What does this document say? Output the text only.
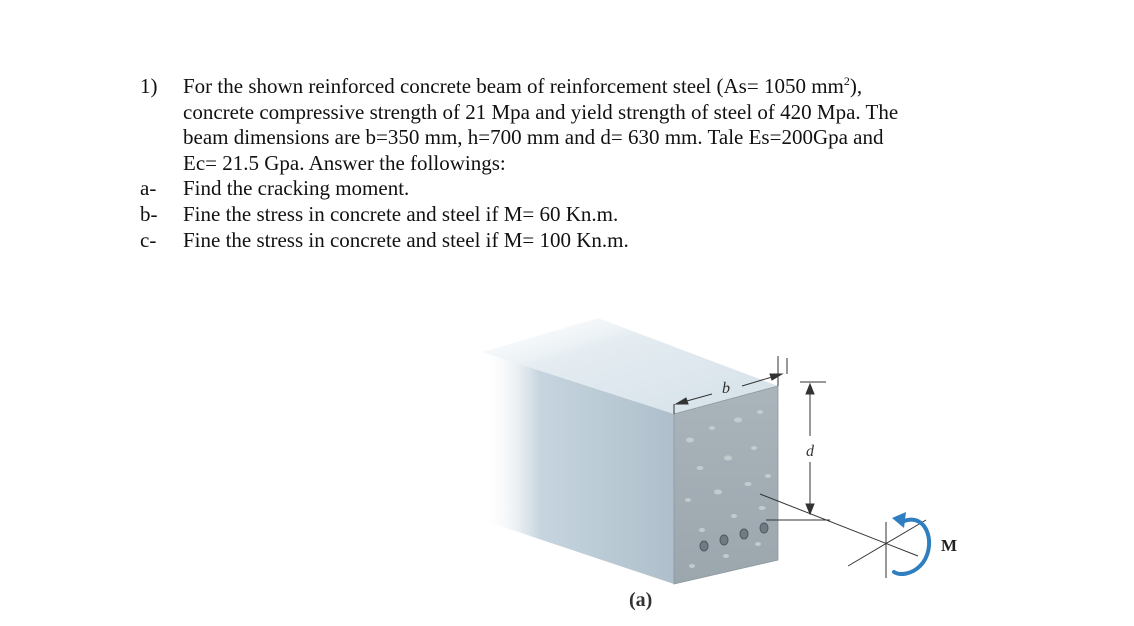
1)	For the shown reinforced concrete beam of reinforcement steel (As= 1050 $mm^2$),
concrete compressive strength of 21 Mpa and yield strength of steel of 420 Mpa. The
beam dimensions are b=350 mm, h=700 mm and d= 630 mm. Tale Es=200Gpa and
Ec= 21.5 Gpa. Answer the followings:
a-	Find the cracking moment.
b-	Fine the stress in concrete and steel if M= 60 Kn.m.
c-	Fine the stress in concrete and steel if M= 100 Kn.m.
b
d
M
(a)
